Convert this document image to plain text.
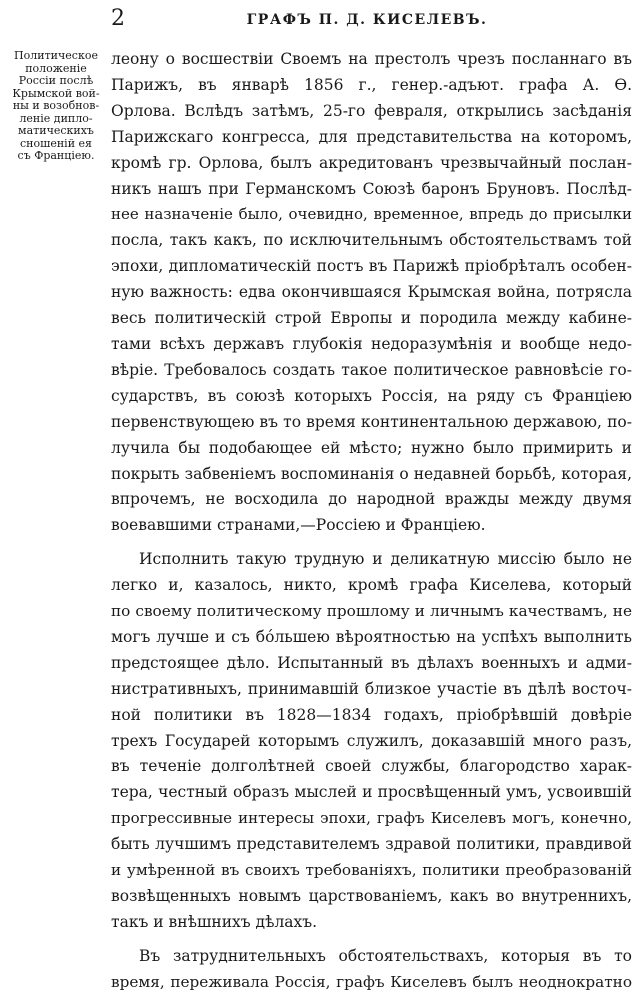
2	ГРАФЪ П. Д. КИСЕЛЕВЪ.
Политическое
положеніе
Россіи послѣ
Крымской вой-
ны и возобнов-
леніе дипло-
матическихъ
сношеній ея
съ Франціею.
леону о восшествіи Своемъ на престолъ чрезъ посланнаго въ
Парижъ, въ январѣ 1856 г., генер.-адъют. графа А. Ѳ.
Орлова. Вслѣдъ затѣмъ, 25-го февраля, открылись засѣданія
Парижскаго конгресса, для представительства на которомъ,
кромѣ гр. Орлова, былъ акредитованъ чрезвычайный послан-
никъ нашъ при Германскомъ Союзѣ баронъ Бруновъ. Послѣд-
нее назначеніе было, очевидно, временное, впредь до присылки
посла, такъ какъ, по исключительнымъ обстоятельствамъ той
эпохи, дипломатическій постъ въ Парижѣ пріобрѣталъ особен-
ную важность: едва окончившаяся Крымская война, потрясла
весь политическій строй Европы и породила между кабине-
тами всѣхъ державъ глубокія недоразумѣнія и вообще недо-
вѣріе. Требовалось создать такое политическое равновѣсіе го-
сударствъ, въ союзѣ которыхъ Россія, на ряду съ Франціею
первенствующею въ то время континентальною державою, по-
лучила бы подобающее ей мѣсто; нужно было примирить и
покрыть забвеніемъ воспоминанія о недавней борьбѣ, которая,
впрочемъ, не восходила до народной вражды между двумя
воевавшими странами,—Россіею и Франціею.
Исполнить такую трудную и деликатную миссію было не
легко и, казалось, никто, кромѣ графа Киселева, который
по своему политическому прошлому и личнымъ качествамъ, не
могъ лучше и съ бо́льшею вѣроятностью на успѣхъ выполнить
предстоящее дѣло. Испытанный въ дѣлахъ военныхъ и адми-
нистративныхъ, принимавшій близкое участіе въ дѣлѣ восточ-
ной политики въ 1828—1834 годахъ, пріобрѣвшій довѣріе
трехъ Государей которымъ служилъ, доказавшій много разъ,
въ теченіе долголѣтней своей службы, благородство харак-
тера, честный образъ мыслей и просвѣщенный умъ, усвоившій
прогрессивные интересы эпохи, графъ Киселевъ могъ, конечно,
быть лучшимъ представителемъ здравой политики, правдивой
и умѣренной въ своихъ требованіяхъ, политики преобразованій
возвѣщенныхъ новымъ царствованіемъ, какъ во внутреннихъ,
такъ и внѣшнихъ дѣлахъ.
Въ затруднительныхъ обстоятельствахъ, которыя въ то
время, переживала Россія, графъ Киселевъ былъ неоднократно
